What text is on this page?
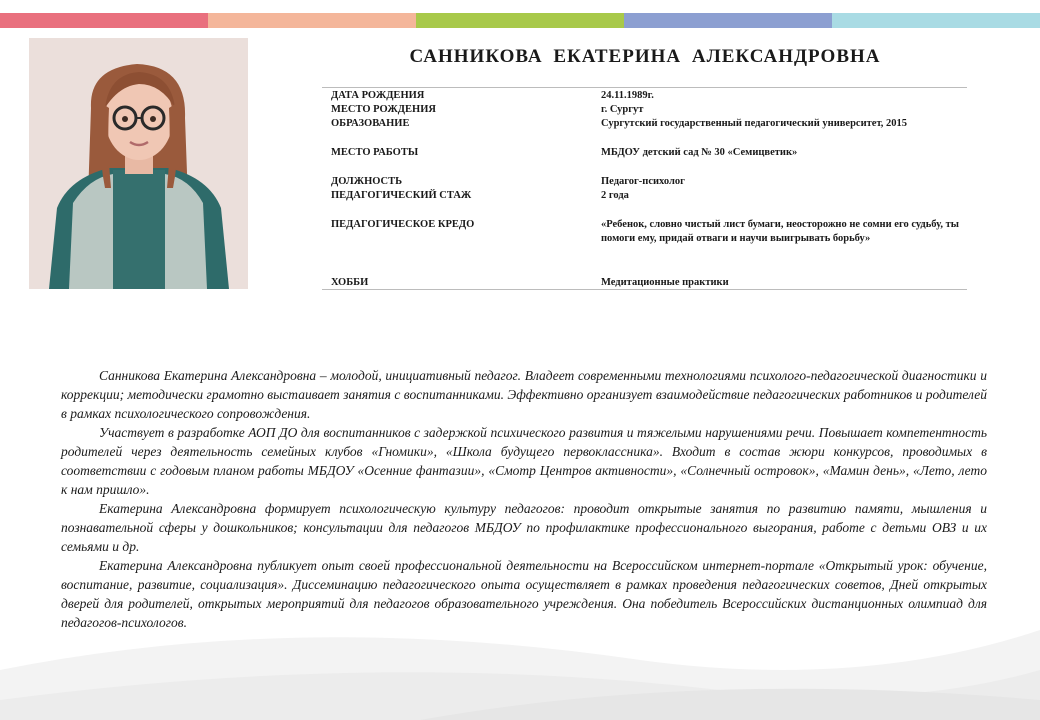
САННИКОВА ЕКАТЕРИНА АЛЕКСАНДРОВНА
ДАТА РОЖДЕНИЯ	24.11.1989г.
МЕСТО РОЖДЕНИЯ	г. Сургут
ОБРАЗОВАНИЕ	Сургутский государственный педагогический университет, 2015
МЕСТО РАБОТЫ	МБДОУ детский сад № 30 «Семицветик»
ДОЛЖНОСТЬ	Педагог-психолог
ПЕДАГОГИЧЕСКИЙ СТАЖ	2 года
ПЕДАГОГИЧЕСКОЕ КРЕДО	«Ребенок, словно чистый лист бумаги, неосторожно не сомни его судьбу, ты помоги ему, придай отваги и научи выигрывать борьбу»
ХОББИ	Медитационные практики

Санникова Екатерина Александровна – молодой, инициативный педагог. Владеет современными технологиями психолого-педагогической диагностики и коррекции; методически грамотно выстаивает занятия с воспитанниками. Эффективно организует взаимодействие педагогических работников и родителей в рамках психологического сопровождения.

Участвует в разработке АОП ДО для воспитанников с задержкой психического развития и тяжелыми нарушениями речи. Повышает компетентность родителей через деятельность семейных клубов «Гномики», «Школа будущего первоклассника». Входит в состав жюри конкурсов, проводимых в соответствии с годовым планом работы МБДОУ «Осенние фантазии», «Смотр Центров активности», «Солнечный островок», «Мамин день», «Лето, лето к нам пришло».

Екатерина Александровна формирует психологическую культуру педагогов: проводит открытые занятия по развитию памяти, мышления и познавательной сферы у дошкольников; консультации для педагогов МБДОУ по профилактике профессионального выгорания, работе с детьми ОВЗ и их семьями и др.

Екатерина Александровна публикует опыт своей профессиональной деятельности на Всероссийском интернет-портале «Открытый урок: обучение, воспитание, развитие, социализация». Диссеминацию педагогического опыта осуществляет в рамках проведения педагогических советов, Дней открытых дверей для родителей, открытых мероприятий для педагогов образовательного учреждения. Она победитель Всероссийских дистанционных олимпиад для педагогов-психологов.
